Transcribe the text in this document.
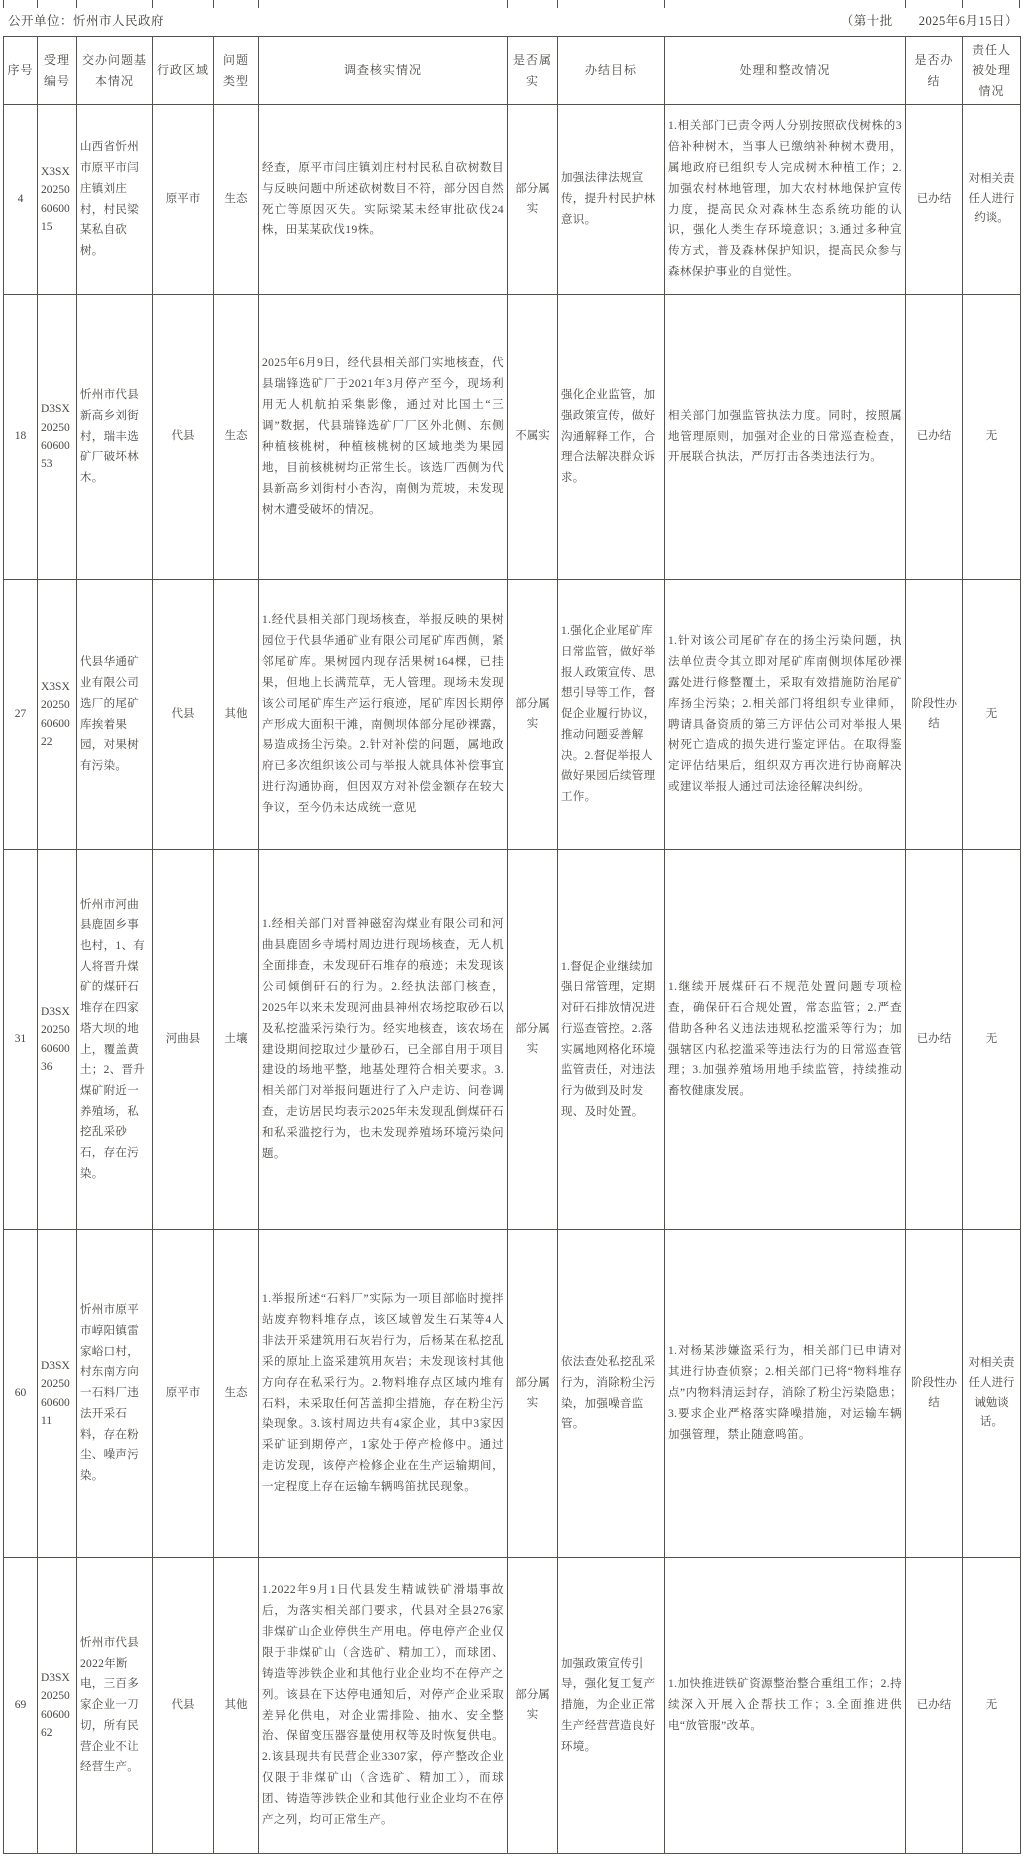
公开单位：忻州市人民政府	（第十批　　2025年6月15日）
序号	受理编号	交办问题基本情况	行政区域	问题类型	调查核实情况	是否属实	办结目标	处理和整改情况	是否办结	责任人被处理情况
4	X3SX202506060015	山西省忻州市原平市闫庄镇刘庄村，村民梁某私自砍树。	原平市	生态	经查，原平市闫庄镇刘庄村村民私自砍树数目与反映问题中所述砍树数目不符，部分因自然死亡等原因灭失。实际梁某未经审批砍伐24株，田某某砍伐19株。	部分属实	加强法律法规宣传，提升村民护林意识。	1.相关部门已责令两人分别按照砍伐树株的3倍补种树木，当事人已缴纳补种树木费用，属地政府已组织专人完成树木种植工作；2.加强农村林地管理，加大农村林地保护宣传力度，提高民众对森林生态系统功能的认识，强化人类生存环境意识；3.通过多种宣传方式，普及森林保护知识，提高民众参与森林保护事业的自觉性。	已办结	对相关责任人进行约谈。
18	D3SX202506060053	忻州市代县新高乡刘街村，瑞丰选矿厂破坏林木。	代县	生态	2025年6月9日，经代县相关部门实地核查，代县瑞锋选矿厂于2021年3月停产至今，现场利用无人机航拍采集影像，通过对比国土“三调”数据，代县瑞锋选矿厂厂区外北侧、东侧种植核桃树，种植核桃树的区域地类为果园地，目前核桃树均正常生长。该选厂西侧为代县新高乡刘街村小杏沟，南侧为荒坡，未发现树木遭受破坏的情况。	不属实	强化企业监管，加强政策宣传，做好沟通解释工作，合理合法解决群众诉求。	相关部门加强监管执法力度。同时，按照属地管理原则，加强对企业的日常巡查检查，开展联合执法，严厉打击各类违法行为。	已办结	无
27	X3SX202506060022	代县华通矿业有限公司选厂的尾矿库挨着果园，对果树有污染。	代县	其他	1.经代县相关部门现场核查，举报反映的果树园位于代县华通矿业有限公司尾矿库西侧，紧邻尾矿库。果树园内现存活果树164棵，已挂果，但地上长满荒草，无人管理。现场未发现该公司尾矿库生产运行痕迹，尾矿库因长期停产形成大面积干滩，南侧坝体部分尾砂裸露，易造成扬尘污染。2.针对补偿的问题，属地政府已多次组织该公司与举报人就具体补偿事宜进行沟通协商，但因双方对补偿金额存在较大争议，至今仍未达成统一意见	部分属实	1.强化企业尾矿库日常监管，做好举报人政策宣传、思想引导等工作，督促企业履行协议，推动问题妥善解决。2.督促举报人做好果园后续管理工作。	1.针对该公司尾矿存在的扬尘污染问题，执法单位责令其立即对尾矿库南侧坝体尾砂裸露处进行修整覆土，采取有效措施防治尾矿库扬尘污染；2.相关部门将组织专业律师，聘请具备资质的第三方评估公司对举报人果树死亡造成的损失进行鉴定评估。在取得鉴定评估结果后，组织双方再次进行协商解决或建议举报人通过司法途径解决纠纷。	阶段性办结	无
31	D3SX202506060036	忻州市河曲县鹿固乡事也村，1、有人将晋升煤矿的煤矸石堆存在四家塔大坝的地上，覆盖黄土；2、晋升煤矿附近一养殖场，私挖乱采砂石，存在污染。	河曲县	土壤	1.经相关部门对晋神磁窑沟煤业有限公司和河曲县鹿固乡寺墕村周边进行现场核查，无人机全面排查，未发现矸石堆存的痕迹；未发现该公司倾倒矸石的行为。2.经执法部门核查，2025年以来未发现河曲县神州农场挖取砂石以及私挖滥采污染行为。经实地核查，该农场在建设期间挖取过少量砂石，已全部自用于项目建设的场地平整，地基处理符合相关要求。3.相关部门对举报问题进行了入户走访、问卷调查，走访居民均表示2025年未发现乱倒煤矸石和私采滥挖行为，也未发现养殖场环境污染问题。	部分属实	1.督促企业继续加强日常管理，定期对矸石排放情况进行巡查管控。2.落实属地网格化环境监管责任，对违法行为做到及时发现、及时处置。	1.继续开展煤矸石不规范处置问题专项检查，确保矸石合规处置，常态监管；2.严查借助各种名义违法违规私挖滥采等行为；加强辖区内私挖滥采等违法行为的日常巡查管理；3.加强养殖场用地手续监管，持续推动畜牧健康发展。	已办结	无
60	D3SX202506060011	忻州市原平市崞阳镇雷家峪口村，村东南方向一石料厂违法开采石料，存在粉尘、噪声污染。	原平市	生态	1.举报所述“石料厂”实际为一项目部临时搅拌站废弃物料堆存点，该区域曾发生石某等4人非法开采建筑用石灰岩行为，后杨某在私挖乱采的原址上盗采建筑用灰岩；未发现该村其他方向存在私采行为。2.物料堆存点区域内堆有石料，未采取任何苫盖抑尘措施，存在粉尘污染现象。3.该村周边共有4家企业，其中3家因采矿证到期停产，1家处于停产检修中。通过走访发现，该停产检修企业在生产运输期间，一定程度上存在运输车辆鸣笛扰民现象。	部分属实	依法查处私挖乱采行为，消除粉尘污染，加强噪音监管。	1.对杨某涉嫌盗采行为，相关部门已申请对其进行协查侦察；2.相关部门已将“物料堆存点”内物料清运封存，消除了粉尘污染隐患；3.要求企业严格落实降噪措施，对运输车辆加强管理，禁止随意鸣笛。	阶段性办结	对相关责任人进行诫勉谈话。
69	D3SX202506060062	忻州市代县2022年断电，三百多家企业一刀切，所有民营企业不让经营生产。	代县	其他	1.2022年9月1日代县发生精诚铁矿滑塌事故后，为落实相关部门要求，代县对全县276家非煤矿山企业停供生产用电。停电停产企业仅限于非煤矿山（含选矿、精加工），而球团、铸造等涉铁企业和其他行业企业均不在停产之列。该县在下达停电通知后，对停产企业采取差异化供电，对企业需排险、抽水、安全整治、保留变压器容量使用权等及时恢复供电。2.该县现共有民营企业3307家，停产整改企业仅限于非煤矿山（含选矿、精加工），而球团、铸造等涉铁企业和其他行业企业均不在停产之列，均可正常生产。	部分属实	加强政策宣传引导，强化复工复产措施，为企业正常生产经营营造良好环境。	1.加快推进铁矿资源整治整合重组工作；2.持续深入开展入企帮扶工作；3.全面推进供电“放管服”改革。	已办结	无
